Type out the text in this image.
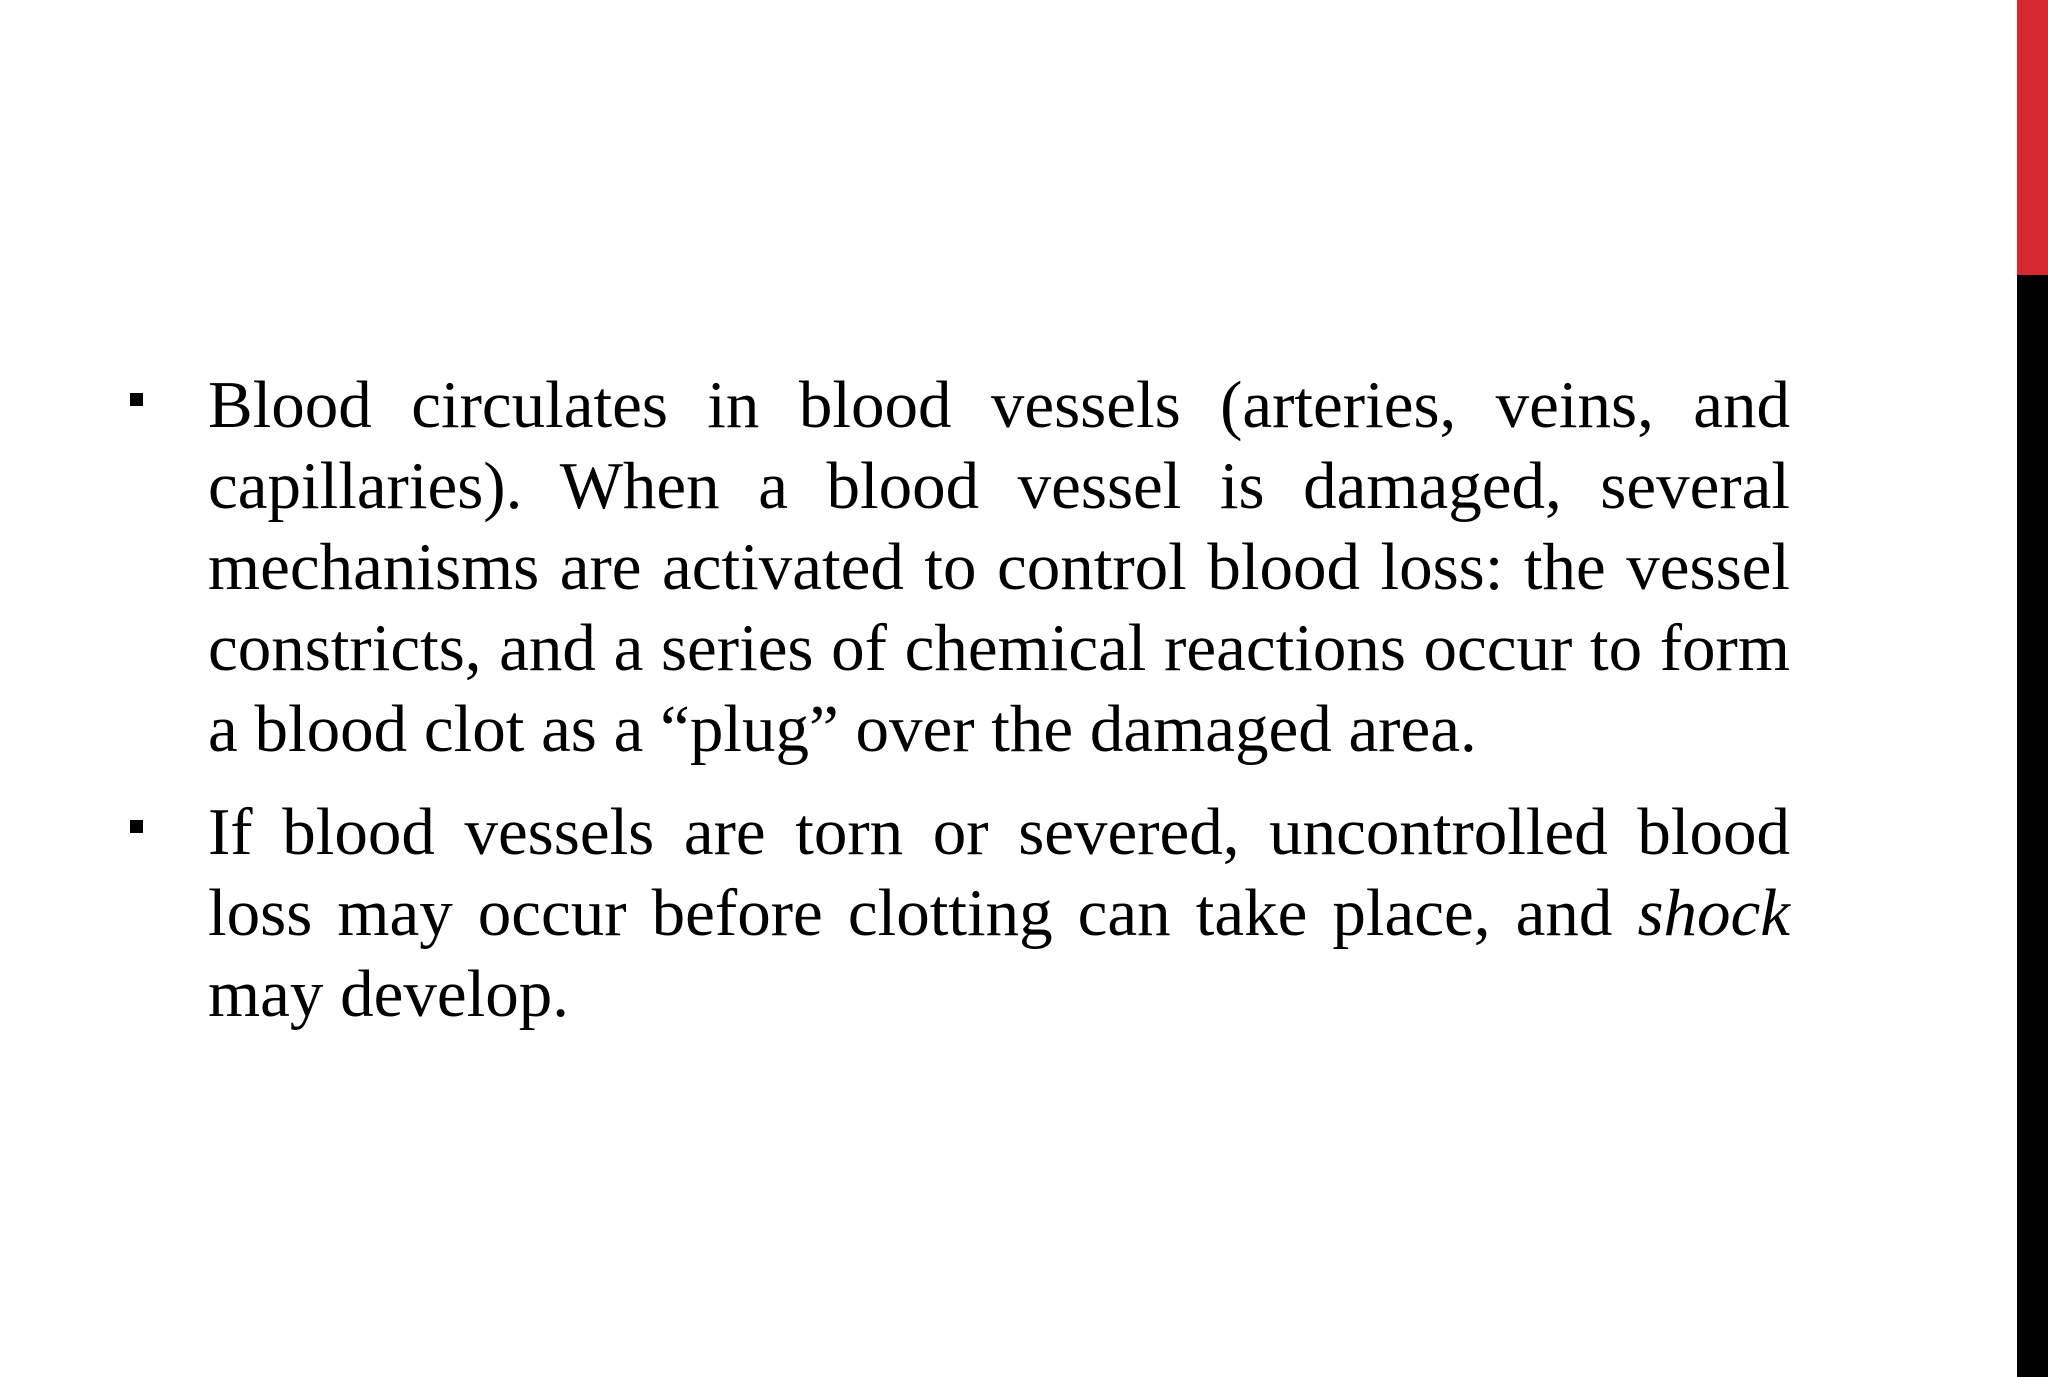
Blood circulates in blood vessels (arteries, veins, and capillaries). When a blood vessel is damaged, several mechanisms are activated to control blood loss: the vessel constricts, and a series of chemical reactions occur to form a blood clot as a “plug” over the damaged area.
If blood vessels are torn or severed, uncontrolled blood loss may occur before clotting can take place, and shock may develop.
